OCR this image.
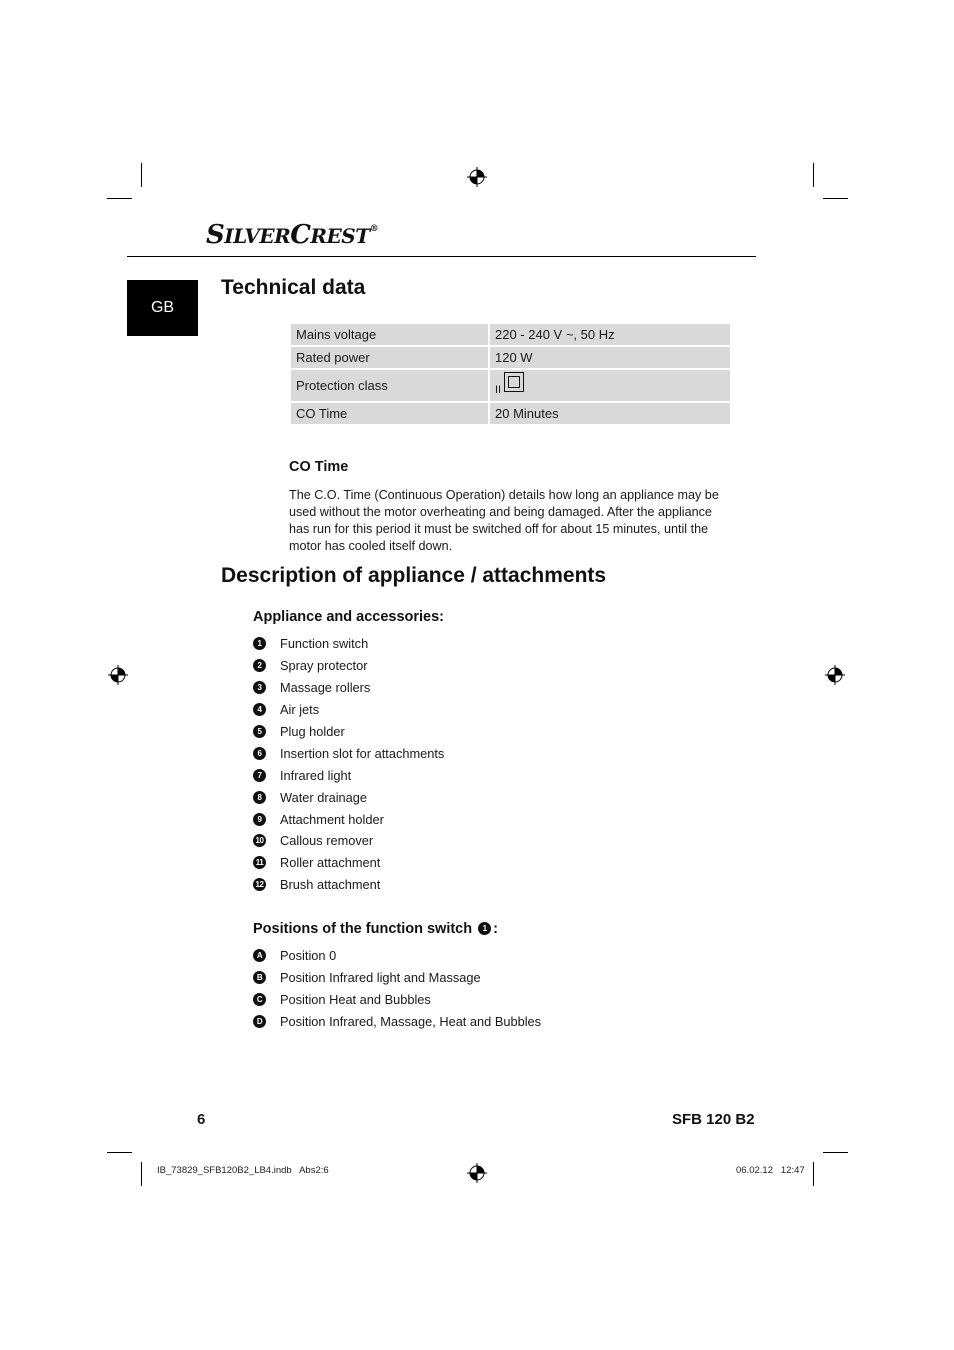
SILVERCREST®
GB
Technical data
Mains voltage	220 - 240 V ~, 50 Hz
Rated power	120 W
Protection class	II

CO Time	20 Minutes
CO Time
The C.O. Time (Continuous Operation) details how long an appliance may be used without the motor overheating and being damaged. After the appliance has run for this period it must be switched off for about 15 minutes, until the motor has cooled itself down.
Description of appliance / attachments
Appliance and accessories:
1	Function switch
2	Spray protector
3	Massage rollers
4	Air jets
5	Plug holder
6	Insertion slot for attachments
7	Infrared light
8	Water drainage
9	Attachment holder
10 Callous remover
11 Roller attachment
12 Brush attachment
Positions of the function switch 1 :
A	Position 0
B	Position Infrared light and Massage
C	Position Heat and Bubbles
D	Position Infrared, Massage, Heat and Bubbles
6	SFB 120 B2
IB_73829_SFB120B2_LB4.indb   Abs2:6	06.02.12   12:47
